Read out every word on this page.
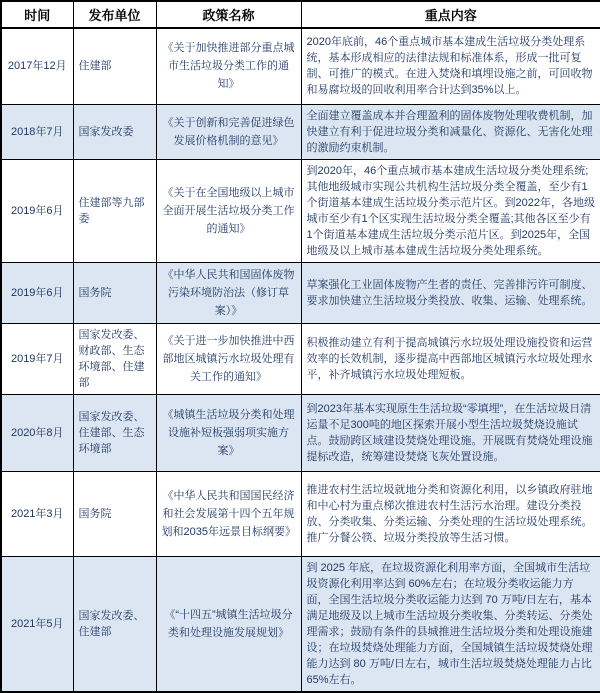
时间	发布单位	政策名称	重点内容
2017年12月	住建部	《关于加快推进部分重点城市生活垃圾分类工作的通知》	2020年底前，46个重点城市基本建成生活垃圾分类处理系统，基本形成相应的法律法规和标准体系，形成一批可复制、可推广的模式。在进入焚烧和填埋设施之前，可回收物和易腐垃圾的回收利用率合计达到35%以上。
2018年7月	国家发改委	《关于创新和完善促进绿色发展价格机制的意见》	全面建立覆盖成本并合理盈利的固体废物处理收费机制，加快建立有利于促进垃圾分类和减量化、资源化、无害化处理的激励约束机制。
2019年6月	住建部等九部委	《关于在全国地级以上城市全面开展生活垃圾分类工作的通知》	到2020年，46个重点城市基本建成生活垃圾分类处理系统;其他地级城市实现公共机构生活垃圾分类全覆盖，至少有1个街道基本建成生活垃圾分类示范片区。到2022年，各地级城市至少有1个区实现生活垃圾分类全覆盖;其他各区至少有1个街道基本建成生活垃圾分类示范片区。到2025年，全国地级及以上城市基本建成生活垃圾分类处理系统。
2019年6月	国务院	《中华人民共和国固体废物污染环境防治法（修订草案）》	草案强化工业固体废物产生者的责任、完善排污许可制度、要求加快建立生活垃圾分类投放、收集、运输、处理系统。
2019年7月	国家发改委、财政部、生态环境部、住建部	《关于进一步加快推进中西部地区城镇污水垃圾处理有关工作的通知》	积极推动建立有利于提高城镇污水垃圾处理设施投资和运营效率的长效机制，逐步提高中西部地区城镇污水垃圾处理水平，补齐城镇污水垃圾处理短板。
2020年8月	国家发改委、住建部、生态环境部	《城镇生活垃圾分类和处理设施补短板强弱项实施方案》	到2023年基本实现原生生活垃圾“零填埋”，在生活垃圾日清运量不足300吨的地区探索开展小型生活垃圾焚烧设施试点。鼓励跨区域建设焚烧处理设施。开展既有焚烧处理设施提标改造，统筹建设焚烧飞灰处置设施。
2021年3月	国务院	《中华人民共和国国民经济和社会发展第十四个五年规划和2035年远景目标纲要》	推进农村生活垃圾就地分类和资源化利用，以乡镇政府驻地和中心村为重点梯次推进农村生活污水治理。建设分类投放、分类收集、分类运输、分类处理的生活垃圾处理系统。推广分餐公筷、垃圾分类投放等生活习惯。
2021年5月	国家发改委、住建部	《“十四五”城镇生活垃圾分类和处理设施发展规划》	到 2025 年底，在垃圾资源化利用率方面，全国城市生活垃圾资源化利用率达到 60%左右；在垃圾分类收运能力方面，全国生活垃圾分类收运能力达到 70 万吨/日左右，基本满足地级及以上城市生活垃圾分类收集、分类转运、分类处理需求；鼓励有条件的县城推进生活垃圾分类和处理设施建设；在垃圾焚烧处理能力方面，全国城镇生活垃圾焚烧处理能力达到 80 万吨/日左右，城市生活垃圾焚烧处理能力占比 65%左右。
